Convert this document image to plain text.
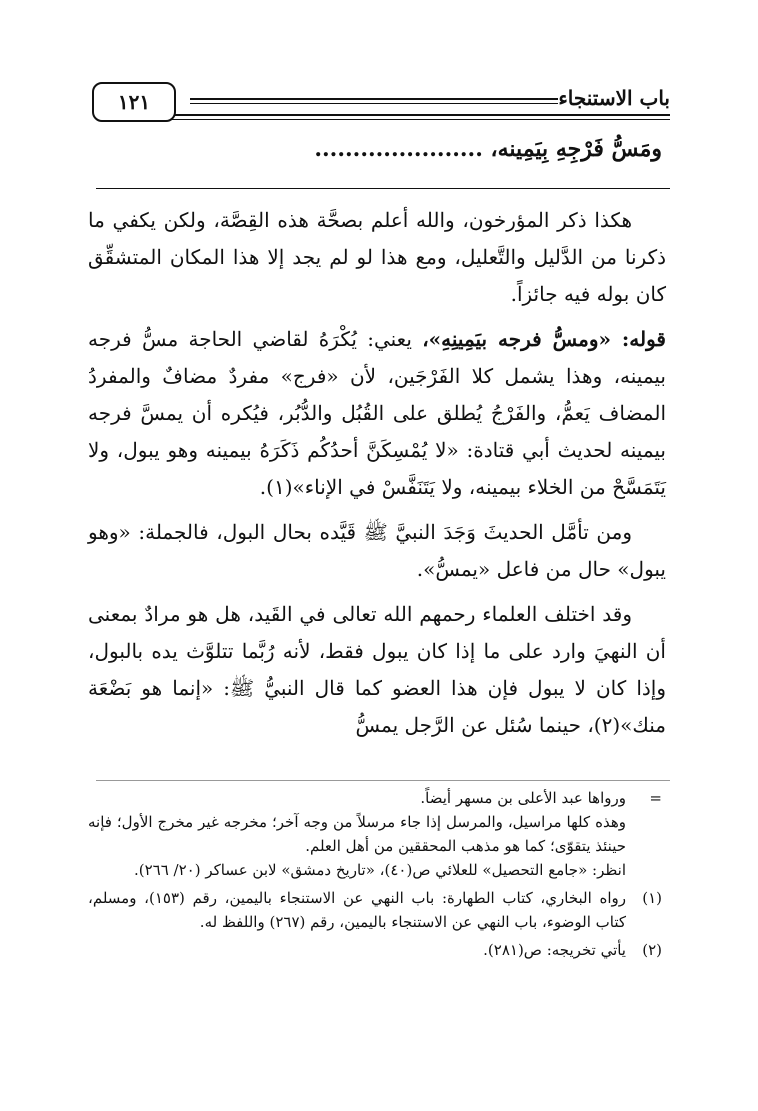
باب الاستنجاء
١٢١
ومَسُّ فَرْجِهِ بِيَمِينه، ......................

هكذا ذكر المؤرخون، والله أعلم بصحَّة هذه القِصَّة، ولكن يكفي ما ذكرنا من الدَّليل والتَّعليل، ومع هذا لو لم يجد إلا هذا المكان المتشقِّق كان بوله فيه جائزاً.

قوله: «ومسُّ فرجه بيَمِينِهِ»، يعني: يُكْرَهُ لقاضي الحاجة مسُّ فرجه بيمينه، وهذا يشمل كلا الفَرْجَين، لأن «فرج» مفردٌ مضافٌ والمفردُ المضاف يَعمُّ، والفَرْجُ يُطلق على القُبُل والدُّبُر، فيُكره أن يمسَّ فرجه بيمينه لحديث أبي قتادة: «لا يُمْسِكَنَّ أحدُكُم ذَكَرَهُ بيمينه وهو يبول، ولا يَتَمَسَّحْ من الخلاء بيمينه، ولا يَتَنَفَّسْ في الإناء»(١).

ومن تأمَّل الحديثَ وَجَدَ النبيَّ ﷺ قَيَّده بحال البول، فالجملة: «وهو يبول» حال من فاعل «يمسُّ».

وقد اختلف العلماء رحمهم الله تعالى في القَيد، هل هو مرادٌ بمعنى أن النهيَ وارد على ما إذا كان يبول فقط، لأنه رُبَّما تتلوَّث يده بالبول، وإذا كان لا يبول فإن هذا العضو كما قال النبيُّ ﷺ: «إنما هو بَضْعَة منك»(٢)، حينما سُئل عن الرَّجل يمسُّ

=

ورواها عبد الأعلى بن مسهر أيضاً.

وهذه كلها مراسيل، والمرسل إذا جاء مرسلاً من وجه آخر؛ مخرجه غير مخرج الأول؛ فإنه حينئذ يتقوّى؛ كما هو مذهب المحققين من أهل العلم.

انظر: «جامع التحصيل» للعلائي ص(٤٠)، «تاريخ دمشق» لابن عساكر (٢٠/ ٢٦٦).

(١)

رواه البخاري، كتاب الطهارة: باب النهي عن الاستنجاء باليمين، رقم (١٥٣)، ومسلم، كتاب الوضوء، باب النهي عن الاستنجاء باليمين، رقم (٢٦٧) واللفظ له.

(٢)

يأتي تخريجه: ص(٢٨١).
